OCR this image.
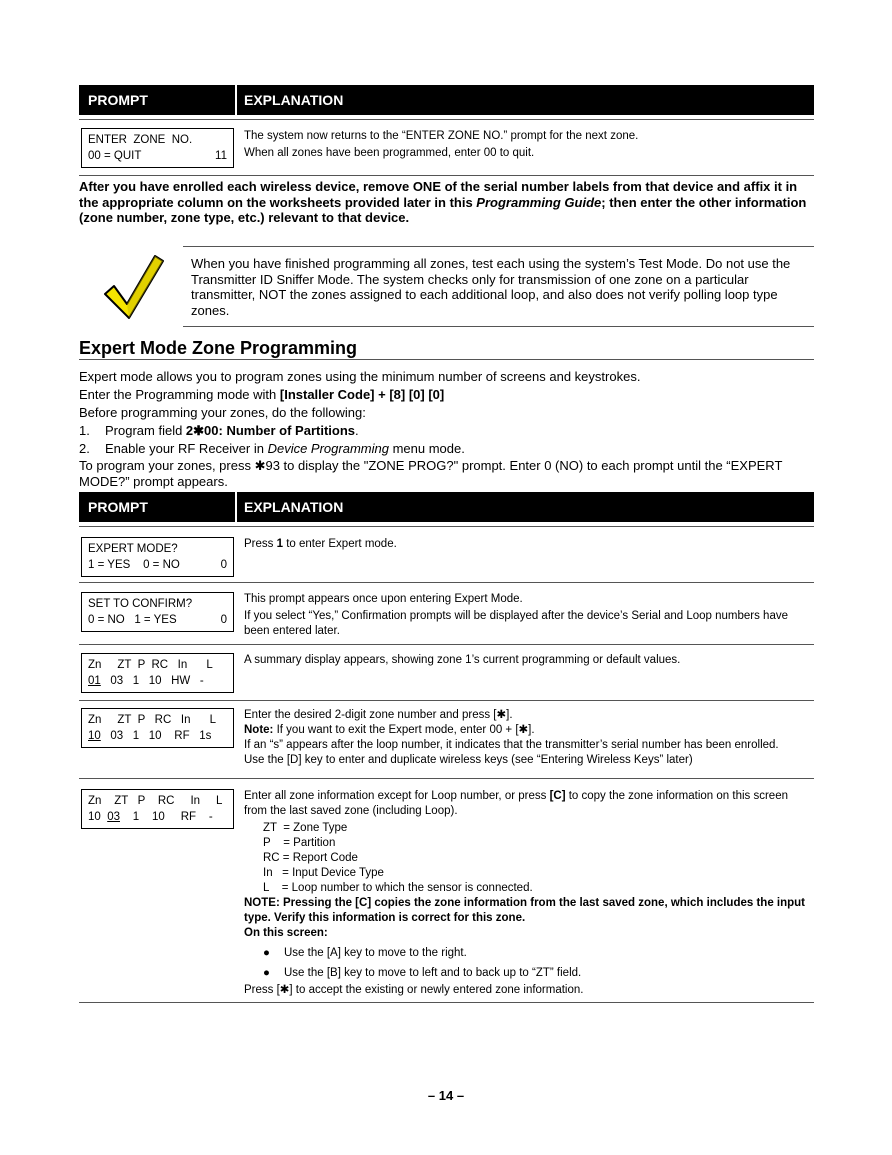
PROMPT	EXPLANATION
ENTER  ZONE  NO.
00 = QUIT	11

The system now returns to the “ENTER ZONE NO.” prompt for the next zone.

When all zones have been programmed, enter 00 to quit.

After you have enrolled each wireless device, remove ONE of the serial number labels from that device and affix it in the appropriate column on the worksheets provided later in this Programming Guide; then enter the other information (zone number, zone type, etc.) relevant to that device.
When you have finished programming all zones, test each using the system’s Test Mode. Do not use the Transmitter ID Sniffer Mode. The system checks only for transmission of one zone on a particular transmitter, NOT the zones assigned to each additional loop, and also does not verify polling loop type zones.
Expert Mode Zone Programming
Expert mode allows you to program zones using the minimum number of screens and keystrokes.
Enter the Programming mode with [Installer Code] + [8] [0] [0]
Before programming your zones, do the following:
1. Program field 2✱00: Number of Partitions.
2. Enable your RF Receiver in Device Programming menu mode.
To program your zones, press ✱93 to display the "ZONE PROG?" prompt. Enter 0 (NO) to each prompt until the “EXPERT MODE?” prompt appears.
PROMPT	EXPLANATION
EXPERT MODE?
1 = YES    0 = NO	0

Press 1 to enter Expert mode.

SET TO CONFIRM?
0 = NO   1 = YES	0

This prompt appears once upon entering Expert Mode.

If you select “Yes,” Confirmation prompts will be displayed after the device’s Serial and Loop numbers have been entered later.

Zn     ZT  P  RC   In      L
01   03   1   10   HW   -
A summary display appears, showing zone 1’s current programming or default values.
Zn     ZT  P   RC   In      L
10   03   1   10    RF   1s

Enter the desired 2-digit zone number and press [✱].

Note: If you want to exit the Expert mode, enter 00 + [✱].

If an “s” appears after the loop number, it indicates that the transmitter’s serial number has been enrolled.

Use the [D] key to enter and duplicate wireless keys (see “Entering Wireless Keys” later)

Zn    ZT   P    RC     In     L
10  03    1    10     RF    -

Enter all zone information except for Loop number, or press [C] to copy the zone information on this screen from the last saved zone (including Loop).

ZT  = Zone Type
P    = Partition
RC = Report Code
In   = Input Device Type
L    = Loop number to which the sensor is connected.

NOTE: Pressing the [C] copies the zone information from the last saved zone, which includes the input type. Verify this information is correct for this zone.

On this screen:

● Use the [A] key to move to the right.
● Use the [B] key to move to left and to back up to “ZT” field.

Press [✱] to accept the existing or newly entered zone information.

– 14 –
